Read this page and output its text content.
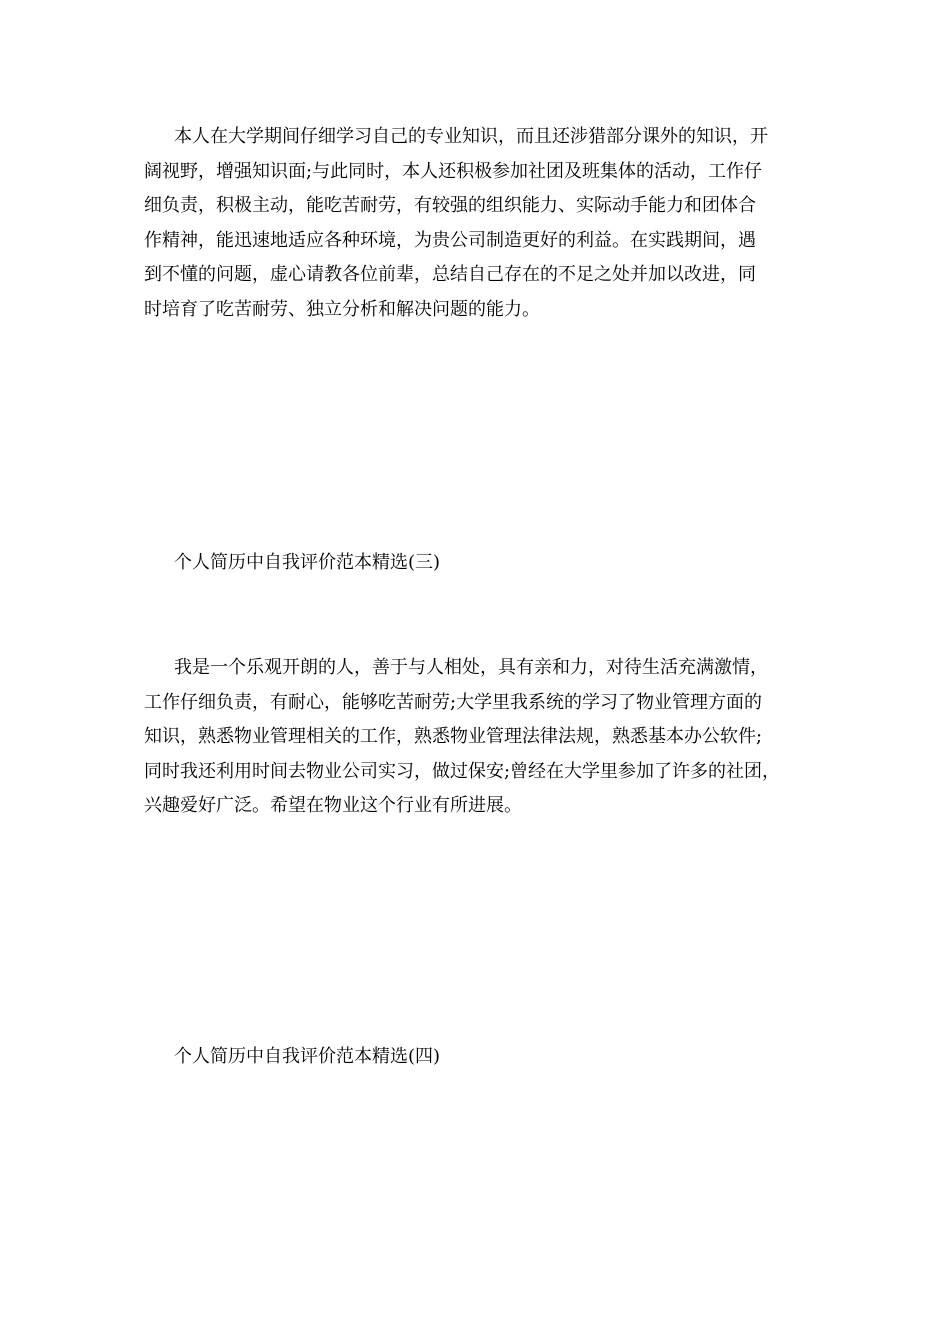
本人在大学期间仔细学习自己的专业知识，而且还涉猎部分课外的知识，开
阔视野，增强知识面;与此同时，本人还积极参加社团及班集体的活动，工作仔
细负责，积极主动，能吃苦耐劳，有较强的组织能力、实际动手能力和团体合
作精神，能迅速地适应各种环境，为贵公司制造更好的利益。在实践期间，遇
到不懂的问题，虚心请教各位前辈，总结自己存在的不足之处并加以改进，同
时培育了吃苦耐劳、独立分析和解决问题的能力。

个人简历中自我评价范本精选(三)

我是一个乐观开朗的人，善于与人相处，具有亲和力，对待生活充满激情，
工作仔细负责，有耐心，能够吃苦耐劳;大学里我系统的学习了物业管理方面的
知识，熟悉物业管理相关的工作，熟悉物业管理法律法规，熟悉基本办公软件;
同时我还利用时间去物业公司实习，做过保安;曾经在大学里参加了许多的社团，
兴趣爱好广泛。希望在物业这个行业有所进展。

个人简历中自我评价范本精选(四)
